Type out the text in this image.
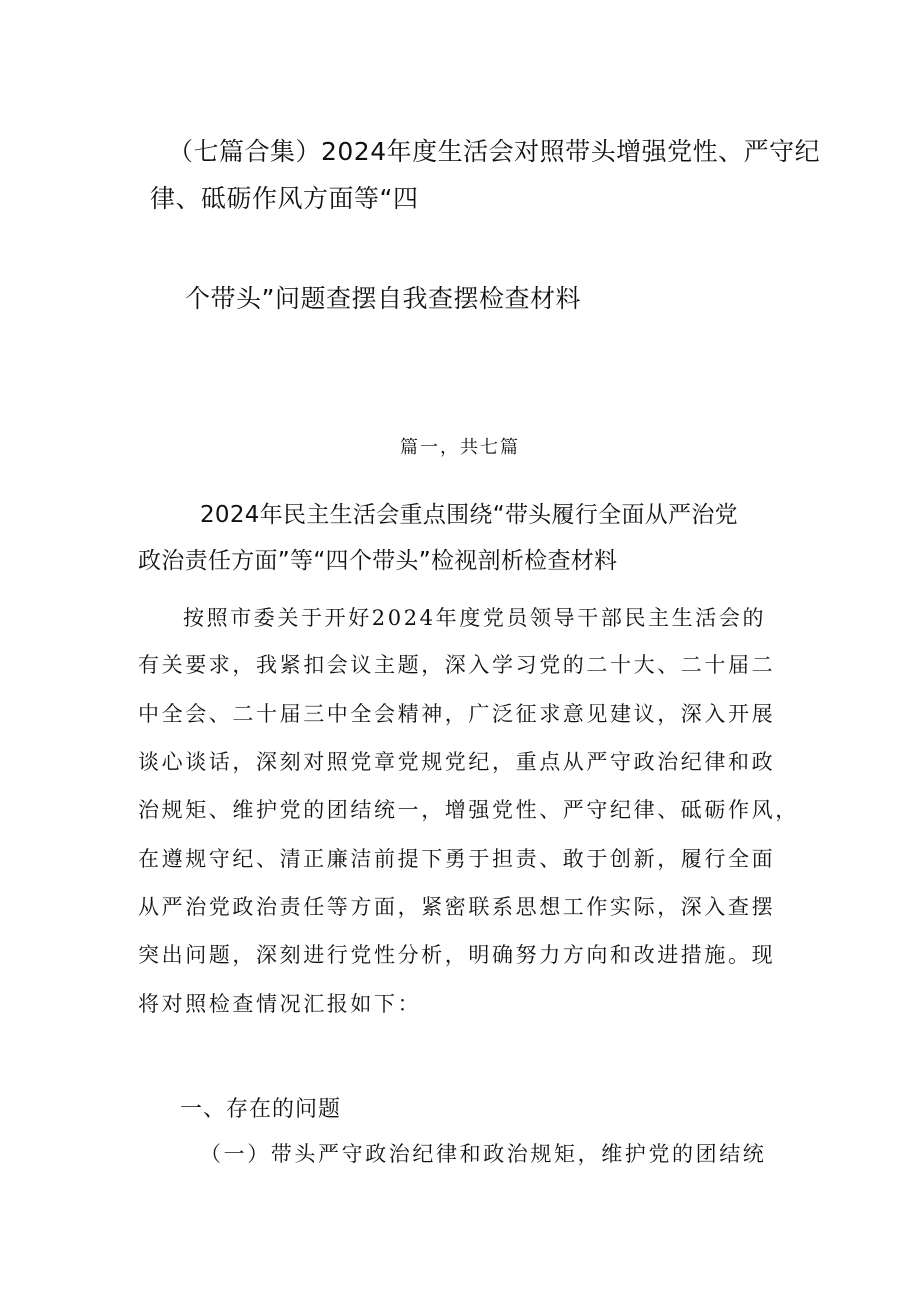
（七篇合集）2024年度生活会对照带头增强党性、严守纪
律、砥砺作风方面等“四
个带头”问题查摆自我查摆检查材料
篇一，共七篇
2024年民主生活会重点围绕“带头履行全面从严治党
政治责任方面”等“四个带头”检视剖析检查材料
按照市委关于开好2024年度党员领导干部民主生活会的
有关要求，我紧扣会议主题，深入学习党的二十大、二十届二
中全会、二十届三中全会精神，广泛征求意见建议，深入开展
谈心谈话，深刻对照党章党规党纪，重点从严守政治纪律和政
治规矩、维护党的团结统一，增强党性、严守纪律、砥砺作风，
在遵规守纪、清正廉洁前提下勇于担责、敢于创新，履行全面
从严治党政治责任等方面，紧密联系思想工作实际，深入查摆
突出问题，深刻进行党性分析，明确努力方向和改进措施。现
将对照检查情况汇报如下：
一、存在的问题
（一）带头严守政治纪律和政治规矩，维护党的团结统
